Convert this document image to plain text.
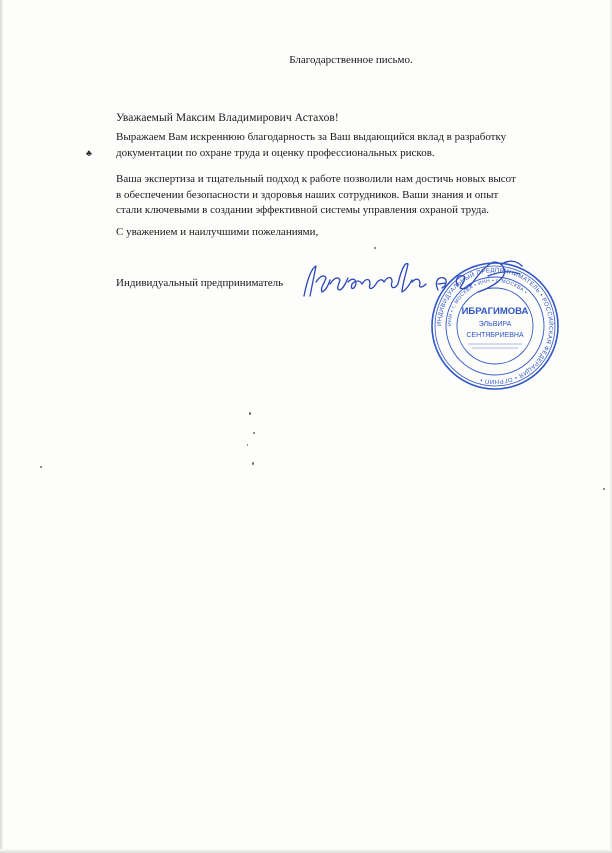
Благодарственное письмо.
Уважаемый Максим Владимирович Астахов!
♣
Выражаем Вам искреннюю благодарность за Ваш выдающийся вклад в разработку документации по охране труда и оценку профессиональных рисков.
Ваша экспертиза и тщательный подход к работе позволили нам достичь новых высот в обеспечении безопасности и здоровья наших сотрудников. Ваши знания и опыт стали ключевыми в создании эффективной системы управления охраной труда.
С уважением и наилучшими пожеланиями,
Индивидуальный предприниматель
ИНДИВИДУАЛЬНЫЙ ПРЕДПРИНИМАТЕЛЬ • РОССИЙСКАЯ ФЕДЕРАЦИЯ • ОГРНИП •
ИНН • г. МОСКВА • ИНН • г. МОСКВА •
ИБРАГИМОВА
ЭЛЬВИРА
СЕНТЯБРИЕВНА
